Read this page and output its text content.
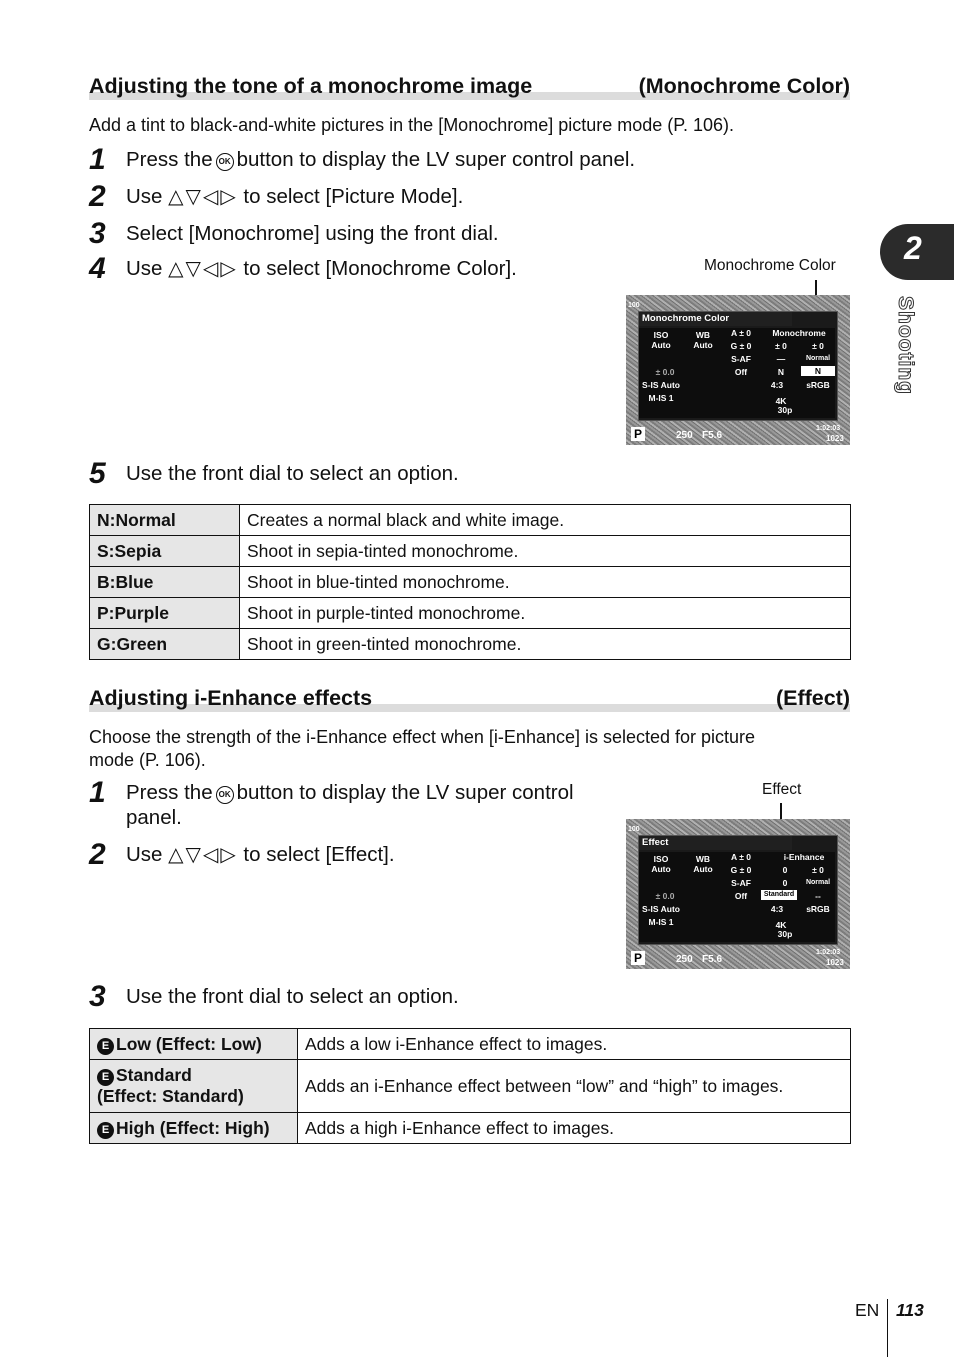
Adjusting the tone of a monochrome image	(Monochrome Color)
Add a tint to black-and-white pictures in the [Monochrome] picture mode (P. 106).
1 Press the OK button to display the LV super control panel.
2 Use △▽◁▷ to select [Picture Mode].
3 Select [Monochrome] using the front dial.
4 Use △▽◁▷ to select [Monochrome Color].	Monochrome Color
100
Monochrome Color
ISO
Auto
WB
Auto
A ± 0
G ± 0
S-AF
Monochrome
± 0	± 0
—	Normal
Off	N	N
± 0.0
S-IS Auto	4:3	sRGB
M-IS 1	4K
30p
P	250 F5.6
1:02:03
1023
5 Use the front dial to select an option.
N:Normal	Creates a normal black and white image.
S:Sepia	Shoot in sepia-tinted monochrome.
B:Blue	Shoot in blue-tinted monochrome.
P:Purple	Shoot in purple-tinted monochrome.
G:Green	Shoot in green-tinted monochrome.
Adjusting i-Enhance effects	(Effect)
Choose the strength of the i-Enhance effect when [i-Enhance] is selected for picture
mode (P. 106).
1 Press the OK button to display the LV super control
panel.
2 Use △▽◁▷ to select [Effect].
Effect
100
Effect
ISO
Auto
WB
Auto
A ± 0
G ± 0
S-AF
i-Enhance
± 0
0
0	Normal
Off	Standard	--
± 0.0
S-IS Auto	4:3	sRGB
M-IS 1	4K
30p
P	250 F5.6
1:02:03
1023
3 Use the front dial to select an option.
E Low (Effect: Low)	Adds a low i-Enhance effect to images.
E Standard
(Effect: Standard)	Adds an i-Enhance effect between “low” and “high” to images.
E High (Effect: High)	Adds a high i-Enhance effect to images.
2
Shooting
EN 113
